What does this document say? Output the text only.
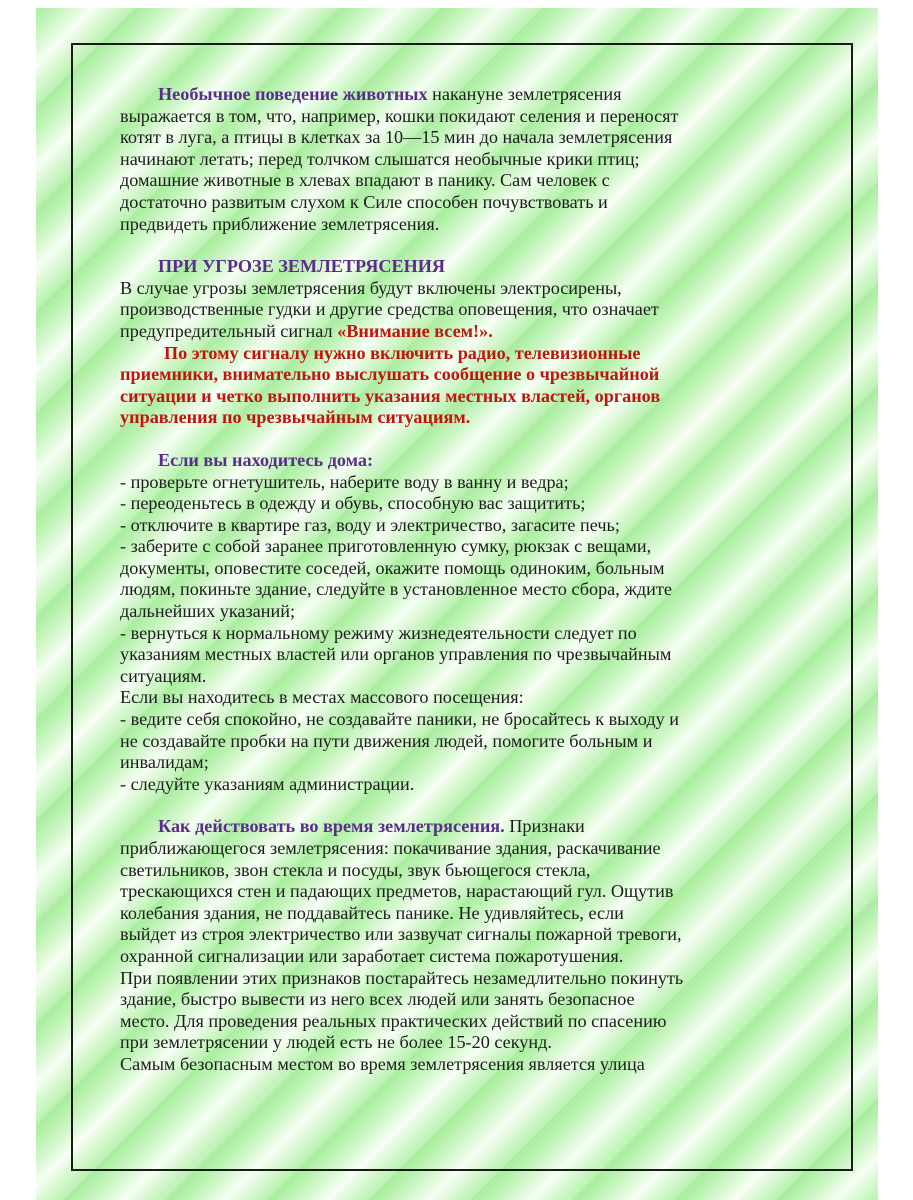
Необычное поведение животных накануне землетрясения

выражается в том, что, например, кошки покидают селения и переносят

котят в луга, а птицы в клетках за 10—15 мин до начала землетрясения

начинают летать; перед толчком слышатся необычные крики птиц;

домашние животные в хлевах впадают в панику. Сам человек с

достаточно развитым слухом к Силе способен почувствовать и

предвидеть приближение землетрясения.

ПРИ УГРОЗЕ ЗЕМЛЕТРЯСЕНИЯ

В случае угрозы землетрясения будут включены электросирены,

производственные гудки и другие средства оповещения, что означает

предупредительный сигнал «Внимание всем!».

По этому сигналу нужно включить радио, телевизионные

приемники, внимательно выслушать сообщение о чрезвычайной

ситуации и четко выполнить указания местных властей, органов

управления по чрезвычайным ситуациям.

Если вы находитесь дома:

- проверьте огнетушитель, наберите воду в ванну и ведра;

- переоденьтесь в одежду и обувь, способную вас защитить;

- отключите в квартире газ, воду и электричество, загасите печь;

- заберите с собой заранее приготовленную сумку, рюкзак с вещами,

документы, оповестите соседей, окажите помощь одиноким, больным

людям, покиньте здание, следуйте в установленное место сбора, ждите

дальнейших указаний;

- вернуться к нормальному режиму жизнедеятельности следует по

указаниям местных властей или органов управления по чрезвычайным

ситуациям.

Если вы находитесь в местах массового посещения:

- ведите себя спокойно, не создавайте паники, не бросайтесь к выходу и

не создавайте пробки на пути движения людей, помогите больным и

инвалидам;

- следуйте указаниям администрации.

Как действовать во время землетрясения. Признаки

приближающегося землетрясения: покачивание здания, раскачивание

светильников, звон стекла и посуды, звук бьющегося стекла,

трескающихся стен и падающих предметов, нарастающий гул. Ощутив

колебания здания, не поддавайтесь панике. Не удивляйтесь, если

выйдет из строя электричество или зазвучат сигналы пожарной тревоги,

охранной сигнализации или заработает система пожаротушения.

При появлении этих признаков постарайтесь незамедлительно покинуть

здание, быстро вывести из него всех людей или занять безопасное

место. Для проведения реальных практических действий по спасению

при землетрясении у людей есть не более 15-20 секунд.

Самым безопасным местом во время землетрясения является улица
